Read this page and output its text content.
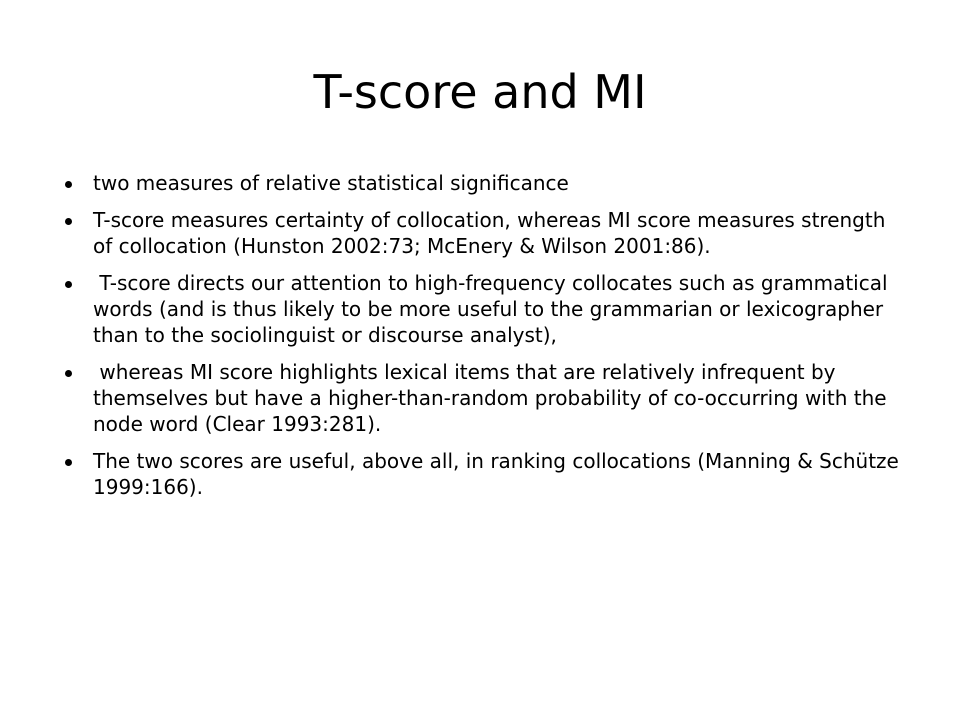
T-score and MI
two measures of relative statistical significance
T-score measures certainty of collocation, whereas MI score measures strength of collocation (Hunston 2002:73; McEnery & Wilson 2001:86).
T-score directs our attention to high-frequency collocates such as grammatical words (and is thus likely to be more useful to the grammarian or lexicographer than to the sociolinguist or discourse analyst),
whereas MI score highlights lexical items that are relatively infrequent by themselves but have a higher-than-random probability of co-occurring with the node word (Clear 1993:281).
The two scores are useful, above all, in ranking collocations (Manning & Schütze 1999:166).
